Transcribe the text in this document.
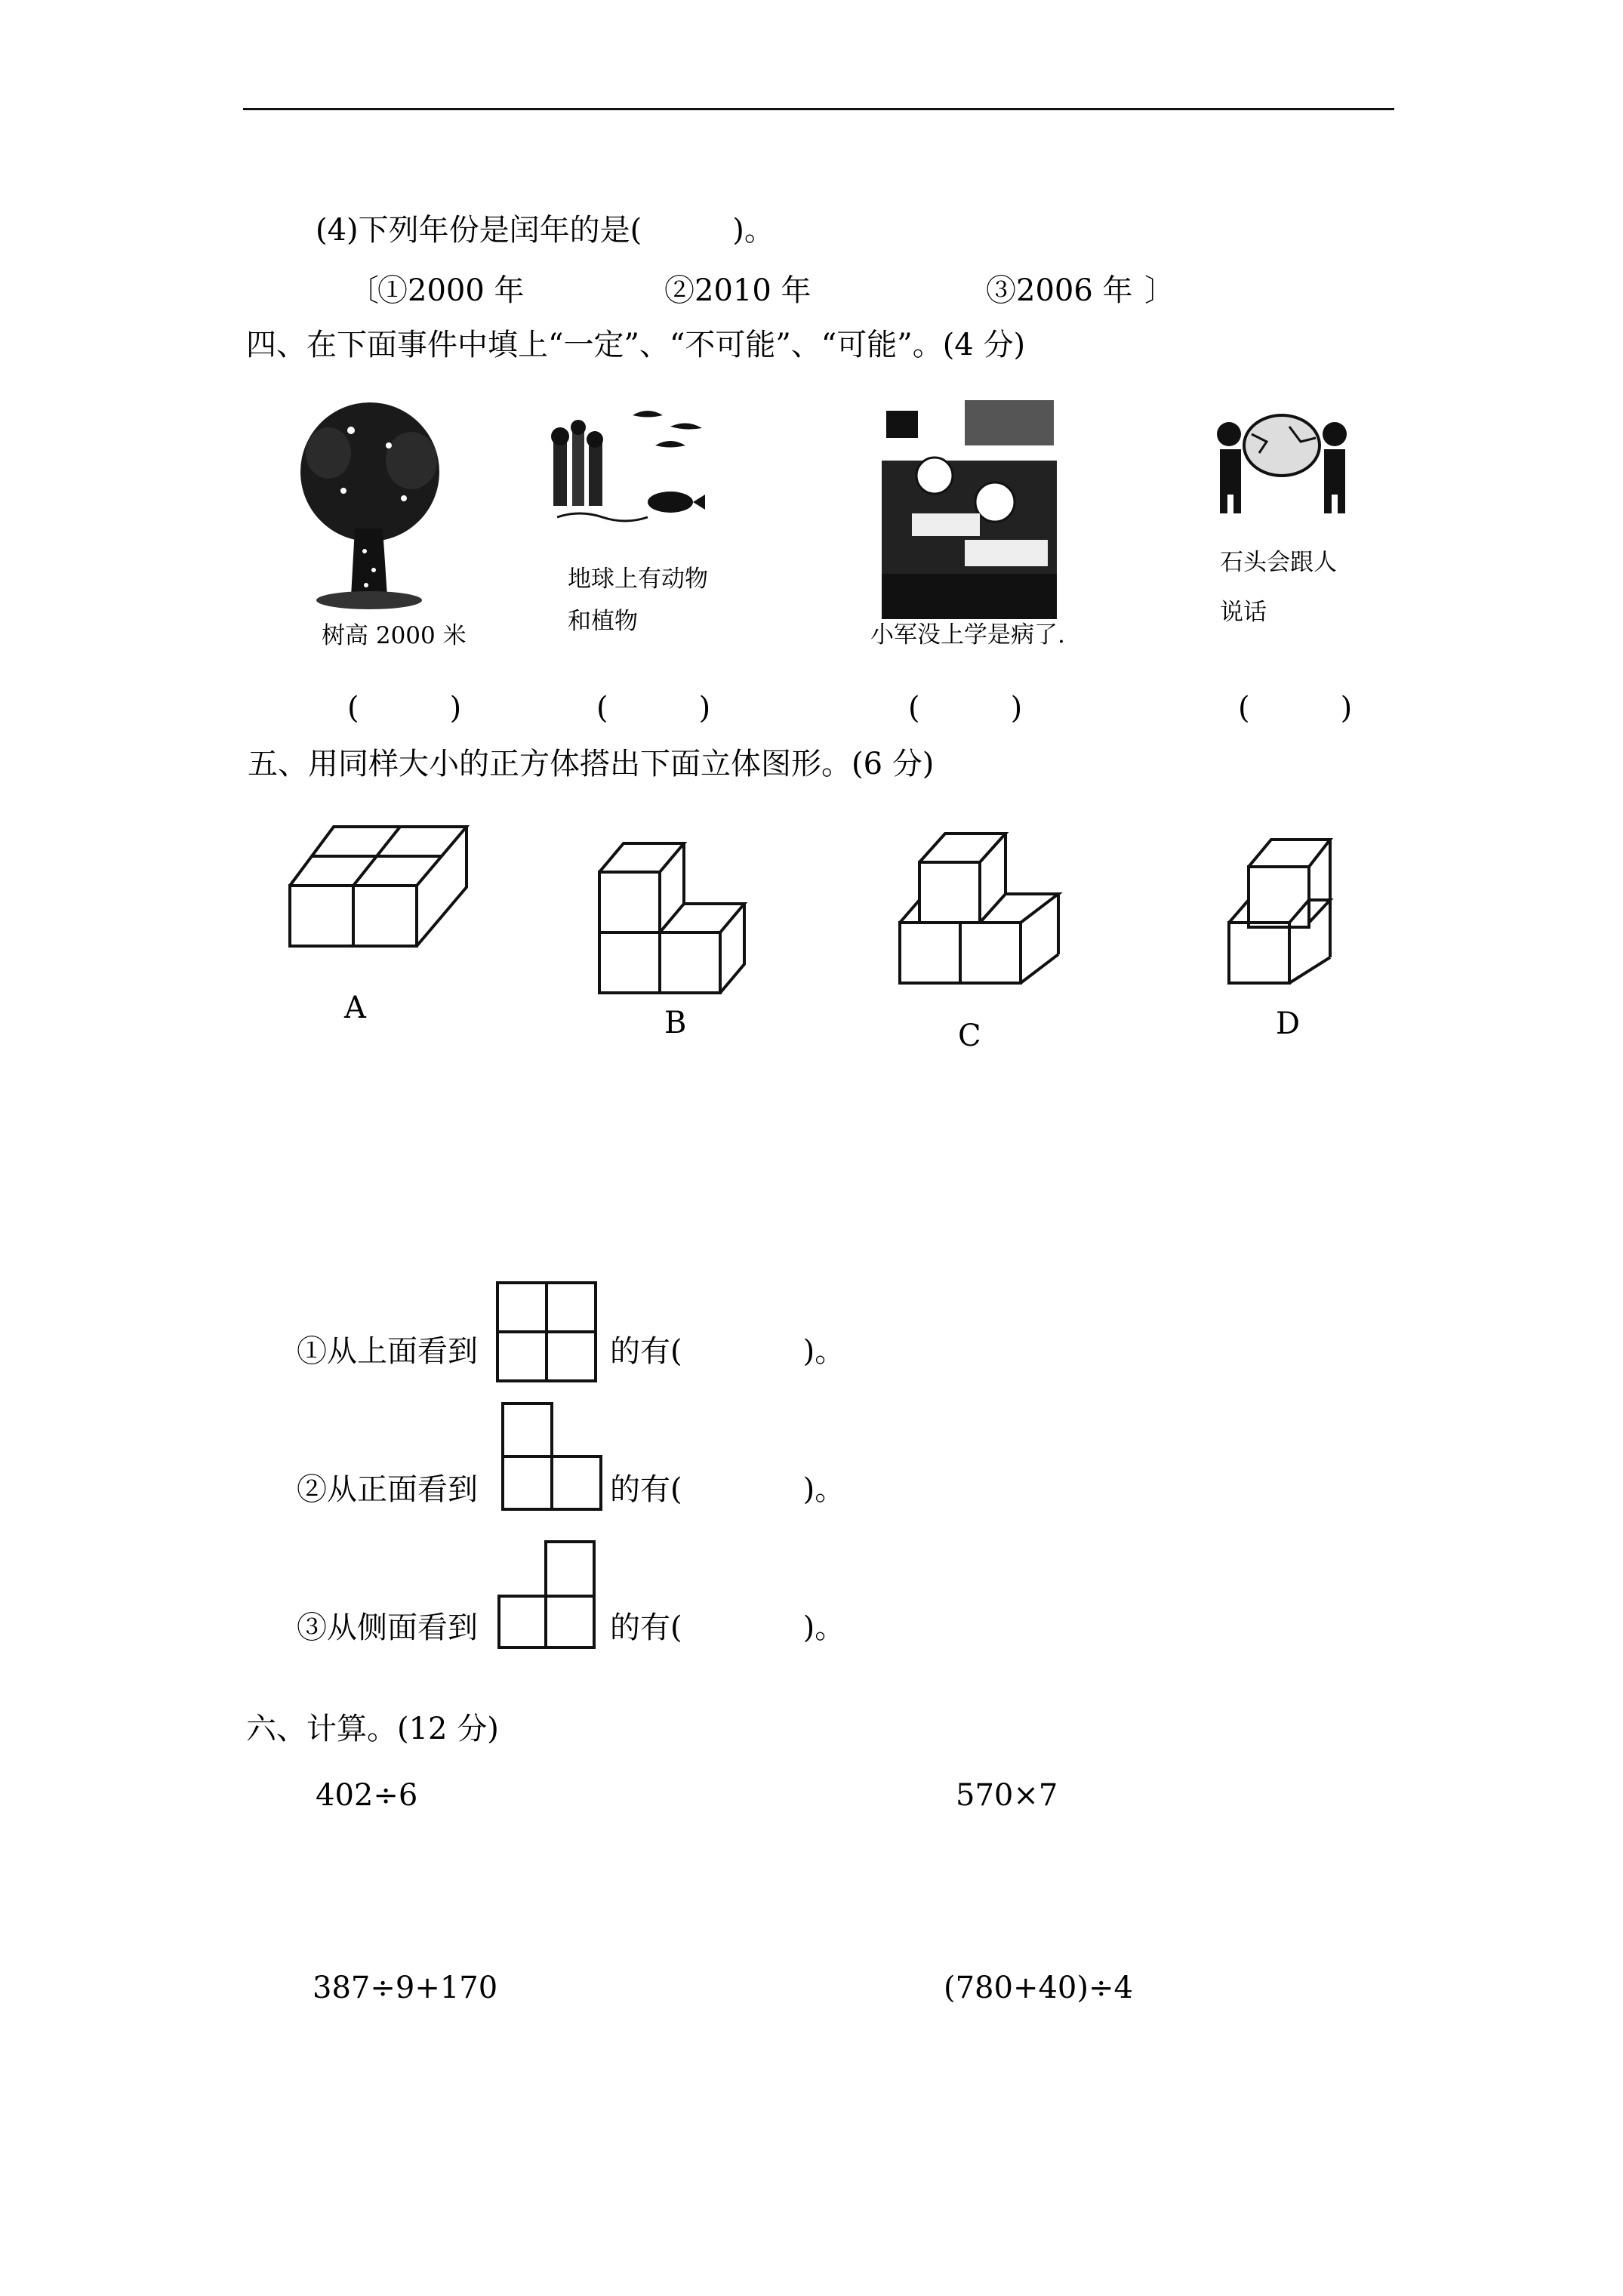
(4)下列年份是闰年的是(　　　)。
〔
①2000 年	②2010 年	③2006 年 〕
四、在下面事件中填上“一定”、“不可能”、“可能”。(4 分)
树高 2000 米
地球上有动物
和植物	小军没上学是病了.
石头会跟人
说话
(　　　)	(　　　)	(　　　)	(　　　)
五、用同样大小的正方体搭出下面立体图形。(6 分)
A	B	C	D
①从上面看到	的有(　　　　)。
②从正面看到	的有(　　　　)。
③从侧面看到	的有(　　　　)。
六、计算。(12 分)
402÷6	570×7
387÷9+170	(780+40)÷4
